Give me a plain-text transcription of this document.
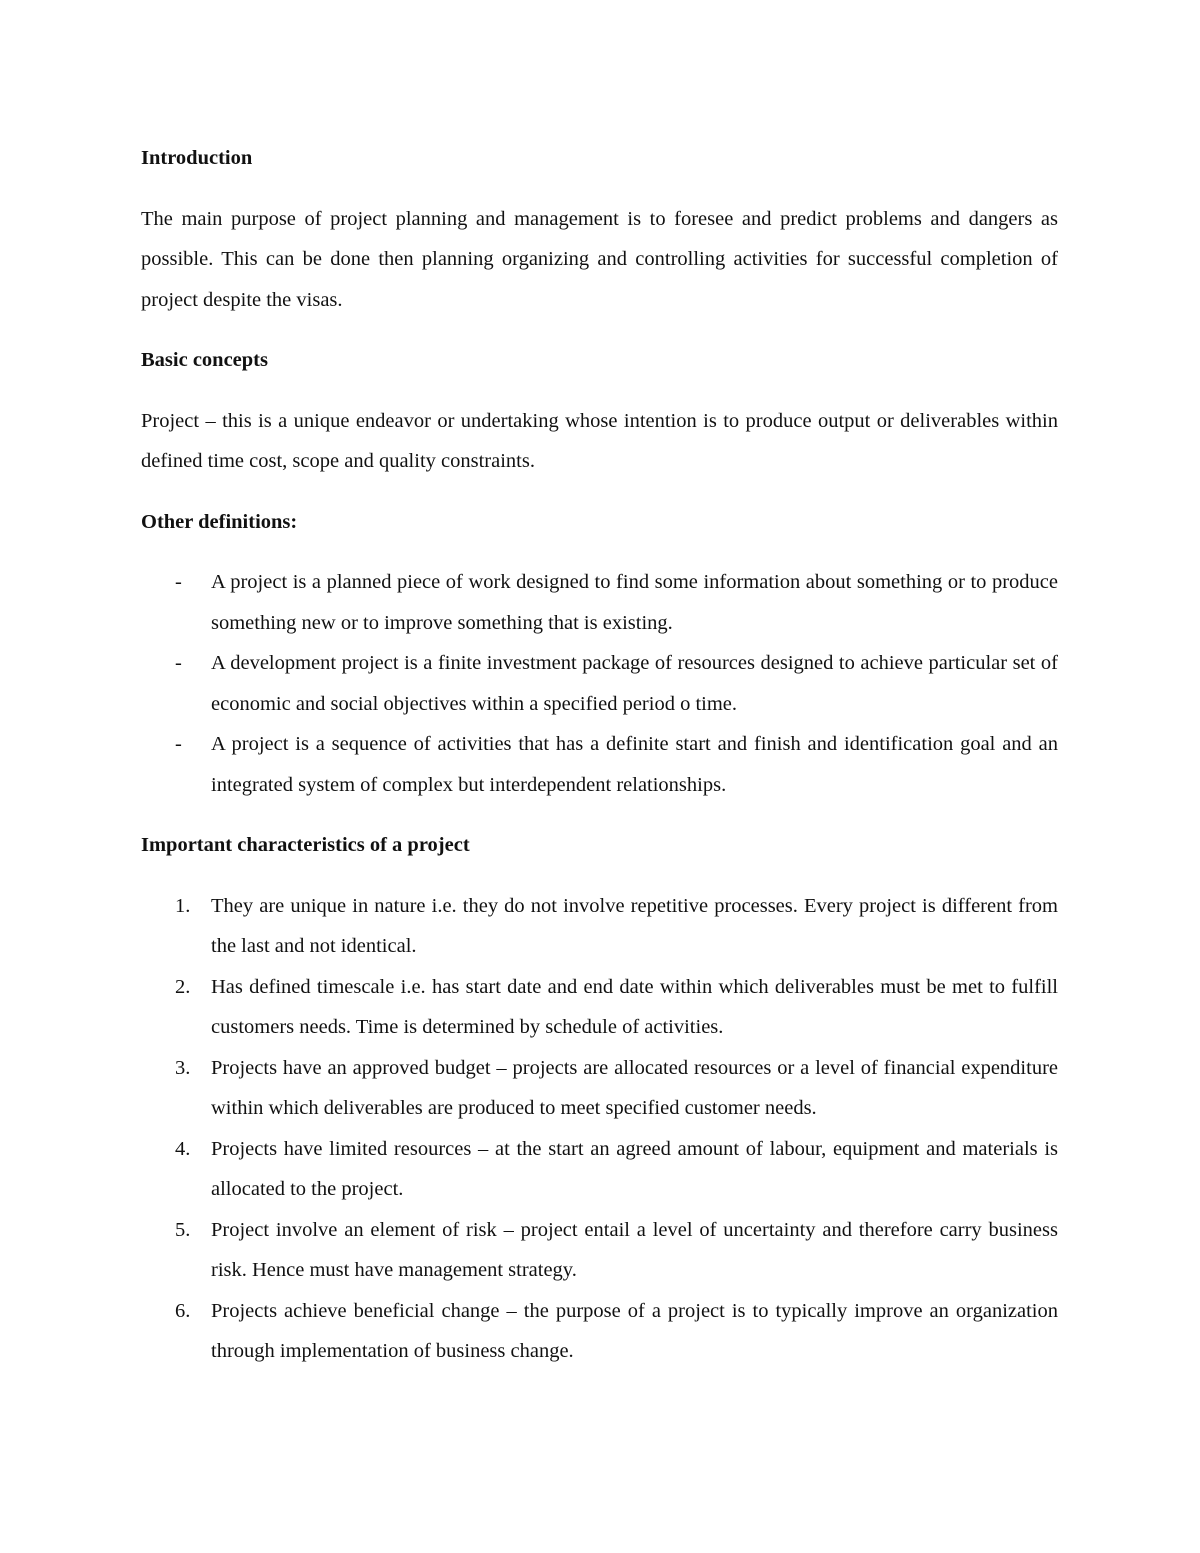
Introduction

The main purpose of project planning and management is to foresee and predict problems and dangers as possible. This can be done then planning organizing and controlling activities for successful completion of project despite the visas.

Basic concepts

Project – this is a unique endeavor or undertaking whose intention is to produce output or deliverables within defined time cost, scope and quality constraints.

Other definitions:

- A project is a planned piece of work designed to find some information about something or to produce something new or to improve something that is existing.
- A development project is a finite investment package of resources designed to achieve particular set of economic and social objectives within a specified period o time.
- A project is a sequence of activities that has a definite start and finish and identification goal and an integrated system of complex but interdependent relationships.

Important characteristics of a project

1. They are unique in nature i.e. they do not involve repetitive processes. Every project is different from the last and not identical.
2. Has defined timescale i.e. has start date and end date within which deliverables must be met to fulfill customers needs. Time is determined by schedule of activities.
3. Projects have an approved budget – projects are allocated resources or a level of financial expenditure within which deliverables are produced to meet specified customer needs.
4. Projects have limited resources – at the start an agreed amount of labour, equipment and materials is allocated to the project.
5. Project involve an element of risk – project entail a level of uncertainty and therefore carry business risk. Hence must have management strategy.
6. Projects achieve beneficial change – the purpose of a project is to typically improve an organization through implementation of business change.
